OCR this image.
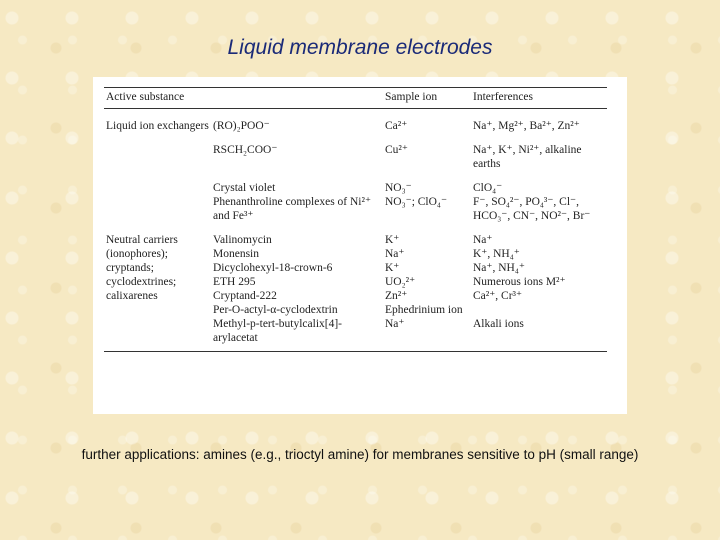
Liquid membrane electrodes
Active substance		Sample ion	Interferences
Liquid ion exchangers	(RO)₂POO⁻	Ca²⁺	Na⁺, Mg²⁺, Ba²⁺, Zn²⁺
	RSCH₂COO⁻	Cu²⁺	Na⁺, K⁺, Ni²⁺, alkaline earths
	Crystal violet	NO₃⁻	ClO₄⁻
	Phenanthroline complexes of Ni²⁺ and Fe³⁺	NO₃⁻; ClO₄⁻	F⁻, SO₄²⁻, PO₄³⁻, Cl⁻, HCO₃⁻, CN⁻, NO²⁻, Br⁻
Neutral carriers	Valinomycin	K⁺	Na⁺
(ionophores);	Monensin	Na⁺	K⁺, NH₄⁺
cryptands;	Dicyclohexyl-18-crown-6	K⁺	Na⁺, NH₄⁺
cyclodextrines;	ETH 295	UO₂²⁺	Numerous ions M²⁺
calixarenes	Cryptand-222	Zn²⁺	Ca²⁺, Cr³⁺
	Per-O-actyl-α-cyclodextrin	Ephedrinium ion	
	Methyl-p-tert-butylcalix[4]-arylacetat	Na⁺	Alkali ions
further applications: amines (e.g., trioctyl amine) for membranes sensitive to pH (small range)
